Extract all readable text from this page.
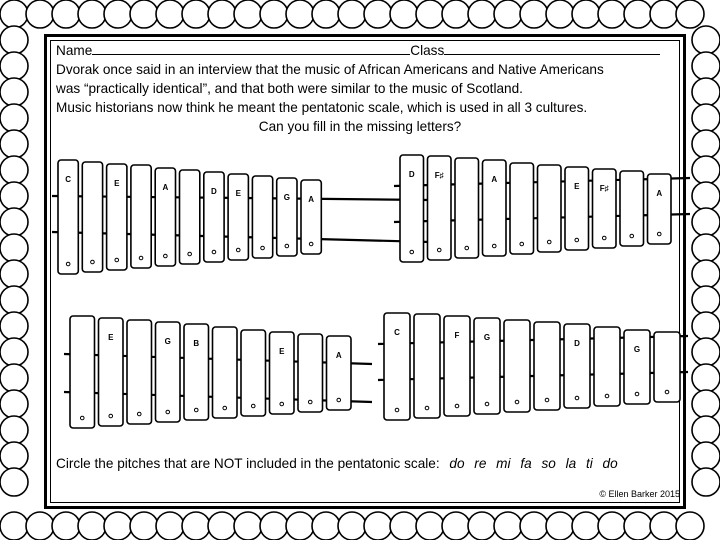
Name	Class
Dvorak once said in an interview that the music of African Americans and Native Americans
was “practically identical”, and that both were similar to the music of Scotland.
Music historians now think he meant the pentatonic scale, which is used in all 3 cultures.
Can you fill in the missing letters?
C	E	A	D E	G A
D	F♯	A
E	F♯
A
E	G	B
E	A
C	F	G
D
G
Circle the pitches that are NOT included in the pentatonic scale: do re mi fa so la ti do
© Ellen Barker 2015
